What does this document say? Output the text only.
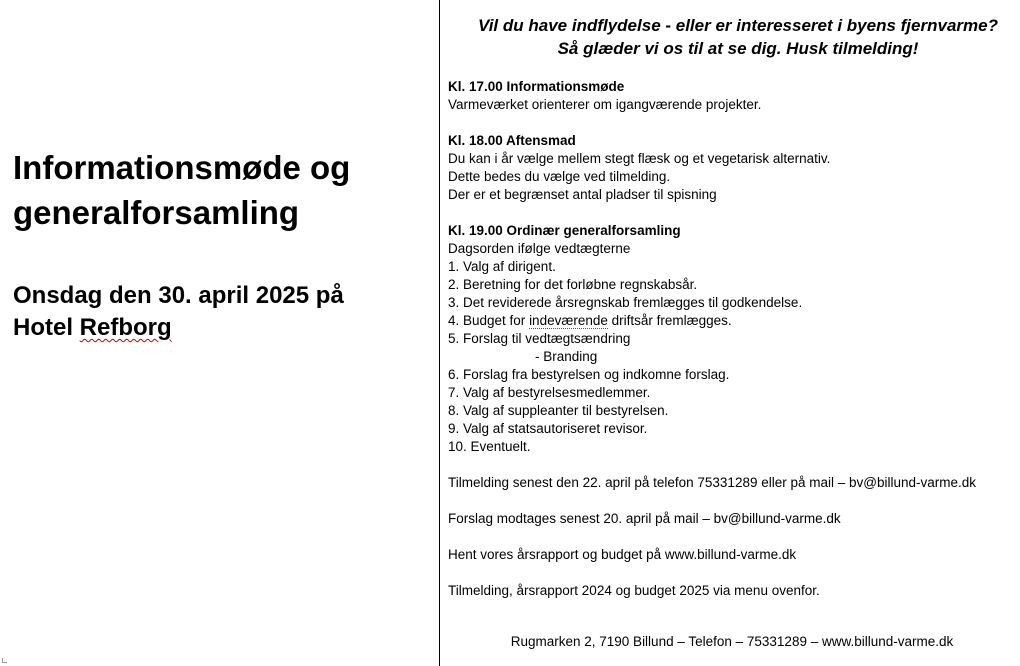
Informationsmøde og
generalforsamling
Onsdag den 30. april 2025 på
Hotel Refborg
Vil du have indflydelse - eller er interesseret i byens fjernvarme?
Så glæder vi os til at se dig. Husk tilmelding!
Kl. 17.00 Informationsmøde
Varmeværket orienterer om igangværende projekter.
Kl. 18.00 Aftensmad
Du kan i år vælge mellem stegt flæsk og et vegetarisk alternativ.
Dette bedes du vælge ved tilmelding.
Der er et begrænset antal pladser til spisning
Kl. 19.00 Ordinær generalforsamling
Dagsorden ifølge vedtægterne
1. Valg af dirigent.
2. Beretning for det forløbne regnskabsår.
3. Det reviderede årsregnskab fremlægges til godkendelse.
4. Budget for indeværende driftsår fremlægges.
5. Forslag til vedtægtsændring
- Branding
6. Forslag fra bestyrelsen og indkomne forslag.
7. Valg af bestyrelsesmedlemmer.
8. Valg af suppleanter til bestyrelsen.
9. Valg af statsautoriseret revisor.
10. Eventuelt.
Tilmelding senest den 22. april på telefon 75331289 eller på mail – bv@billund-varme.dk
Forslag modtages senest 20. april på mail – bv@billund-varme.dk
Hent vores årsrapport og budget på www.billund-varme.dk
Tilmelding, årsrapport 2024 og budget 2025 via menu ovenfor.
Rugmarken 2, 7190 Billund – Telefon – 75331289 – www.billund-varme.dk
